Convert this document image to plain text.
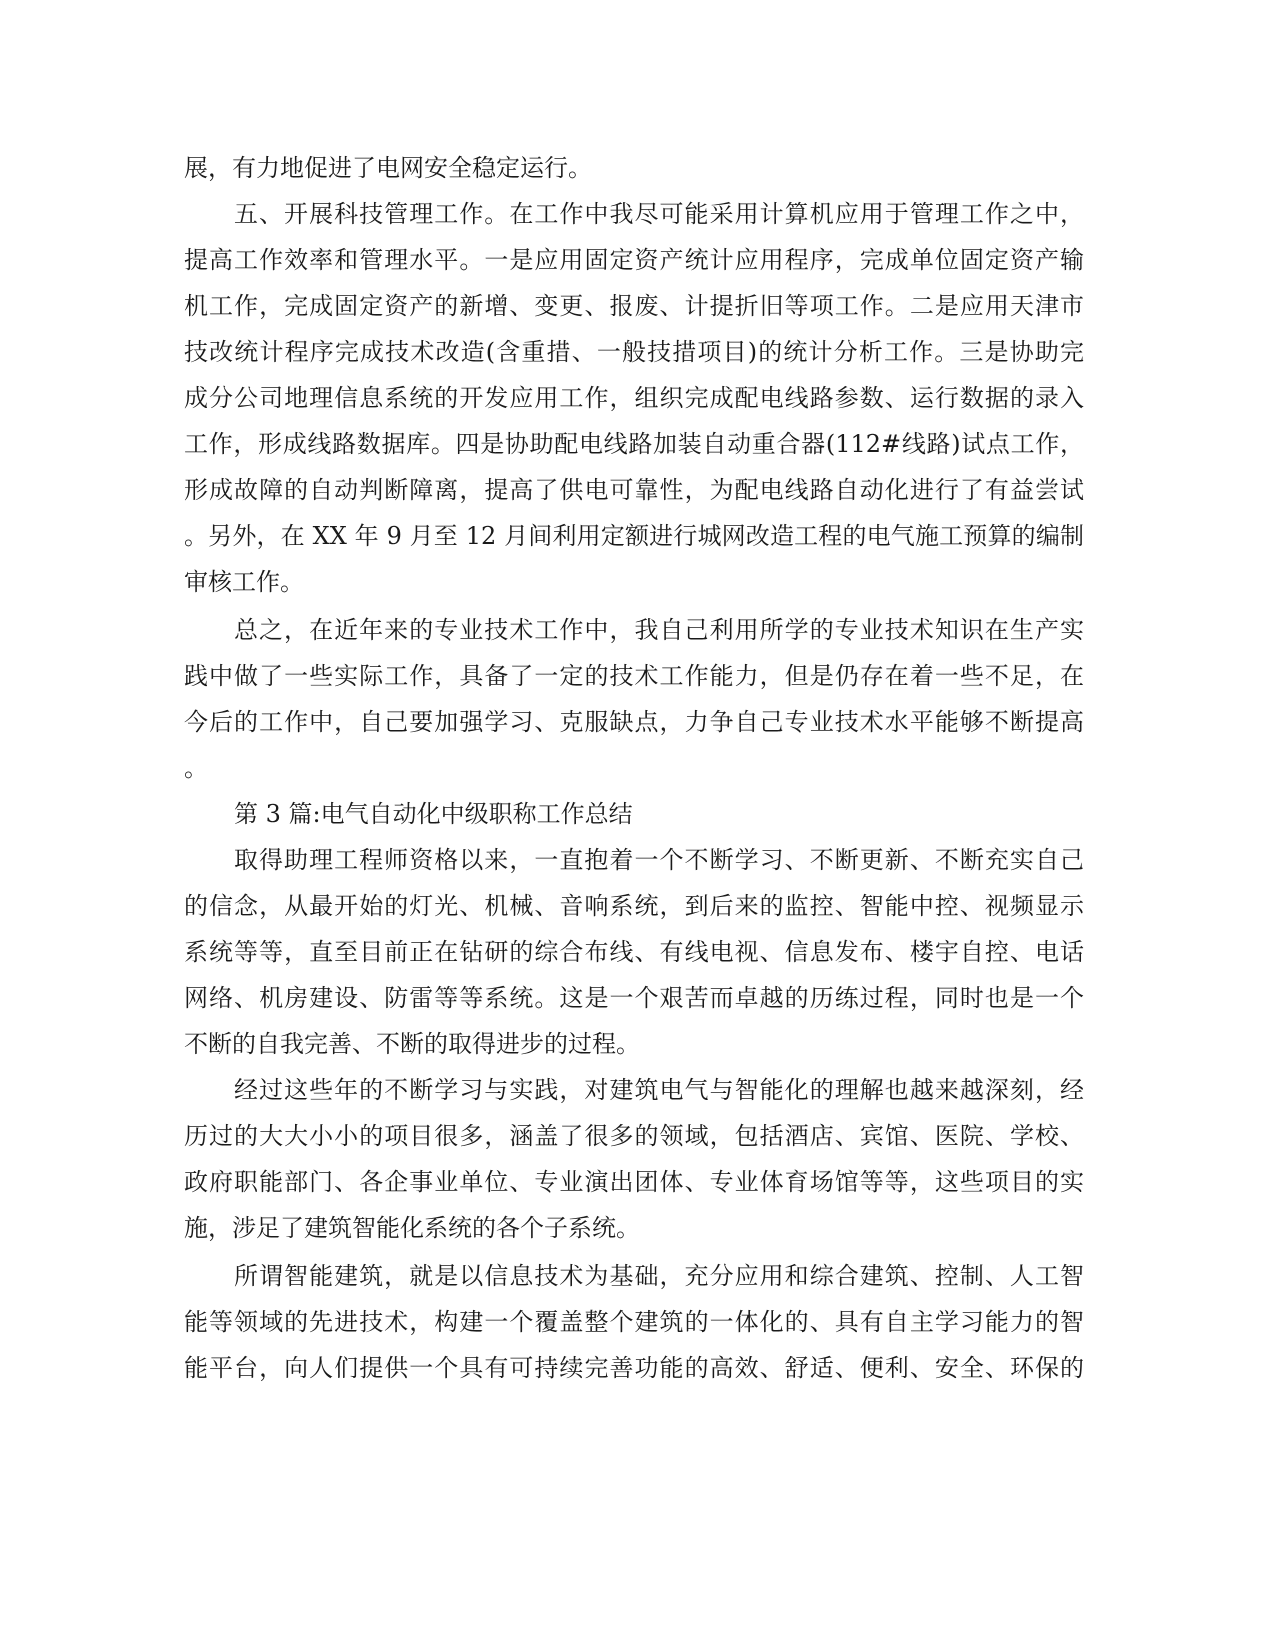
展，有力地促进了电网安全稳定运行。

五、开展科技管理工作。在工作中我尽可能采用计算机应用于管理工作之中，

提高工作效率和管理水平。一是应用固定资产统计应用程序，完成单位固定资产输

机工作，完成固定资产的新增、变更、报废、计提折旧等项工作。二是应用天津市

技改统计程序完成技术改造(含重措、一般技措项目)的统计分析工作。三是协助完

成分公司地理信息系统的开发应用工作，组织完成配电线路参数、运行数据的录入

工作，形成线路数据库。四是协助配电线路加装自动重合器(112#线路)试点工作，

形成故障的自动判断障离，提高了供电可靠性，为配电线路自动化进行了有益尝试

。另外，在 XX 年 9 月至 12 月间利用定额进行城网改造工程的电气施工预算的编制

审核工作。

总之，在近年来的专业技术工作中，我自己利用所学的专业技术知识在生产实

践中做了一些实际工作，具备了一定的技术工作能力，但是仍存在着一些不足，在

今后的工作中，自己要加强学习、克服缺点，力争自己专业技术水平能够不断提高

。

第 3 篇:电气自动化中级职称工作总结

取得助理工程师资格以来，一直抱着一个不断学习、不断更新、不断充实自己

的信念，从最开始的灯光、机械、音响系统，到后来的监控、智能中控、视频显示

系统等等，直至目前正在钻研的综合布线、有线电视、信息发布、楼宇自控、电话

网络、机房建设、防雷等等系统。这是一个艰苦而卓越的历练过程，同时也是一个

不断的自我完善、不断的取得进步的过程。

经过这些年的不断学习与实践，对建筑电气与智能化的理解也越来越深刻，经

历过的大大小小的项目很多，涵盖了很多的领域，包括酒店、宾馆、医院、学校、

政府职能部门、各企事业单位、专业演出团体、专业体育场馆等等，这些项目的实

施，涉足了建筑智能化系统的各个子系统。

所谓智能建筑，就是以信息技术为基础，充分应用和综合建筑、控制、人工智

能等领域的先进技术，构建一个覆盖整个建筑的一体化的、具有自主学习能力的智

能平台，向人们提供一个具有可持续完善功能的高效、舒适、便利、安全、环保的
